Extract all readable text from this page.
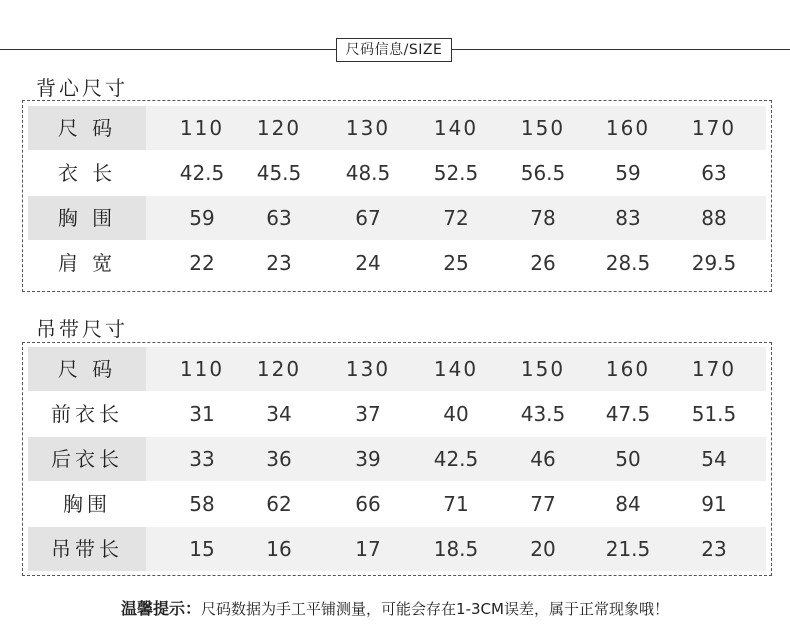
尺码信息/SIZE
背心尺寸
尺 码	110	120	130	140	150	160	170
衣 长	42.5	45.5	48.5	52.5	56.5	59	63
胸 围	59	63	67	72	78	83	88
肩 宽	22	23	24	25	26	28.5	29.5
吊带尺寸
尺 码	110	120	130	140	150	160	170
前衣长	31	34	37	40	43.5	47.5	51.5
后衣长	33	36	39	42.5	46	50	54
胸围	58	62	66	71	77	84	91
吊带长	15	16	17	18.5	20	21.5	23
温馨提示：尺码数据为手工平铺测量，可能会存在1-3CM误差，属于正常现象哦！
